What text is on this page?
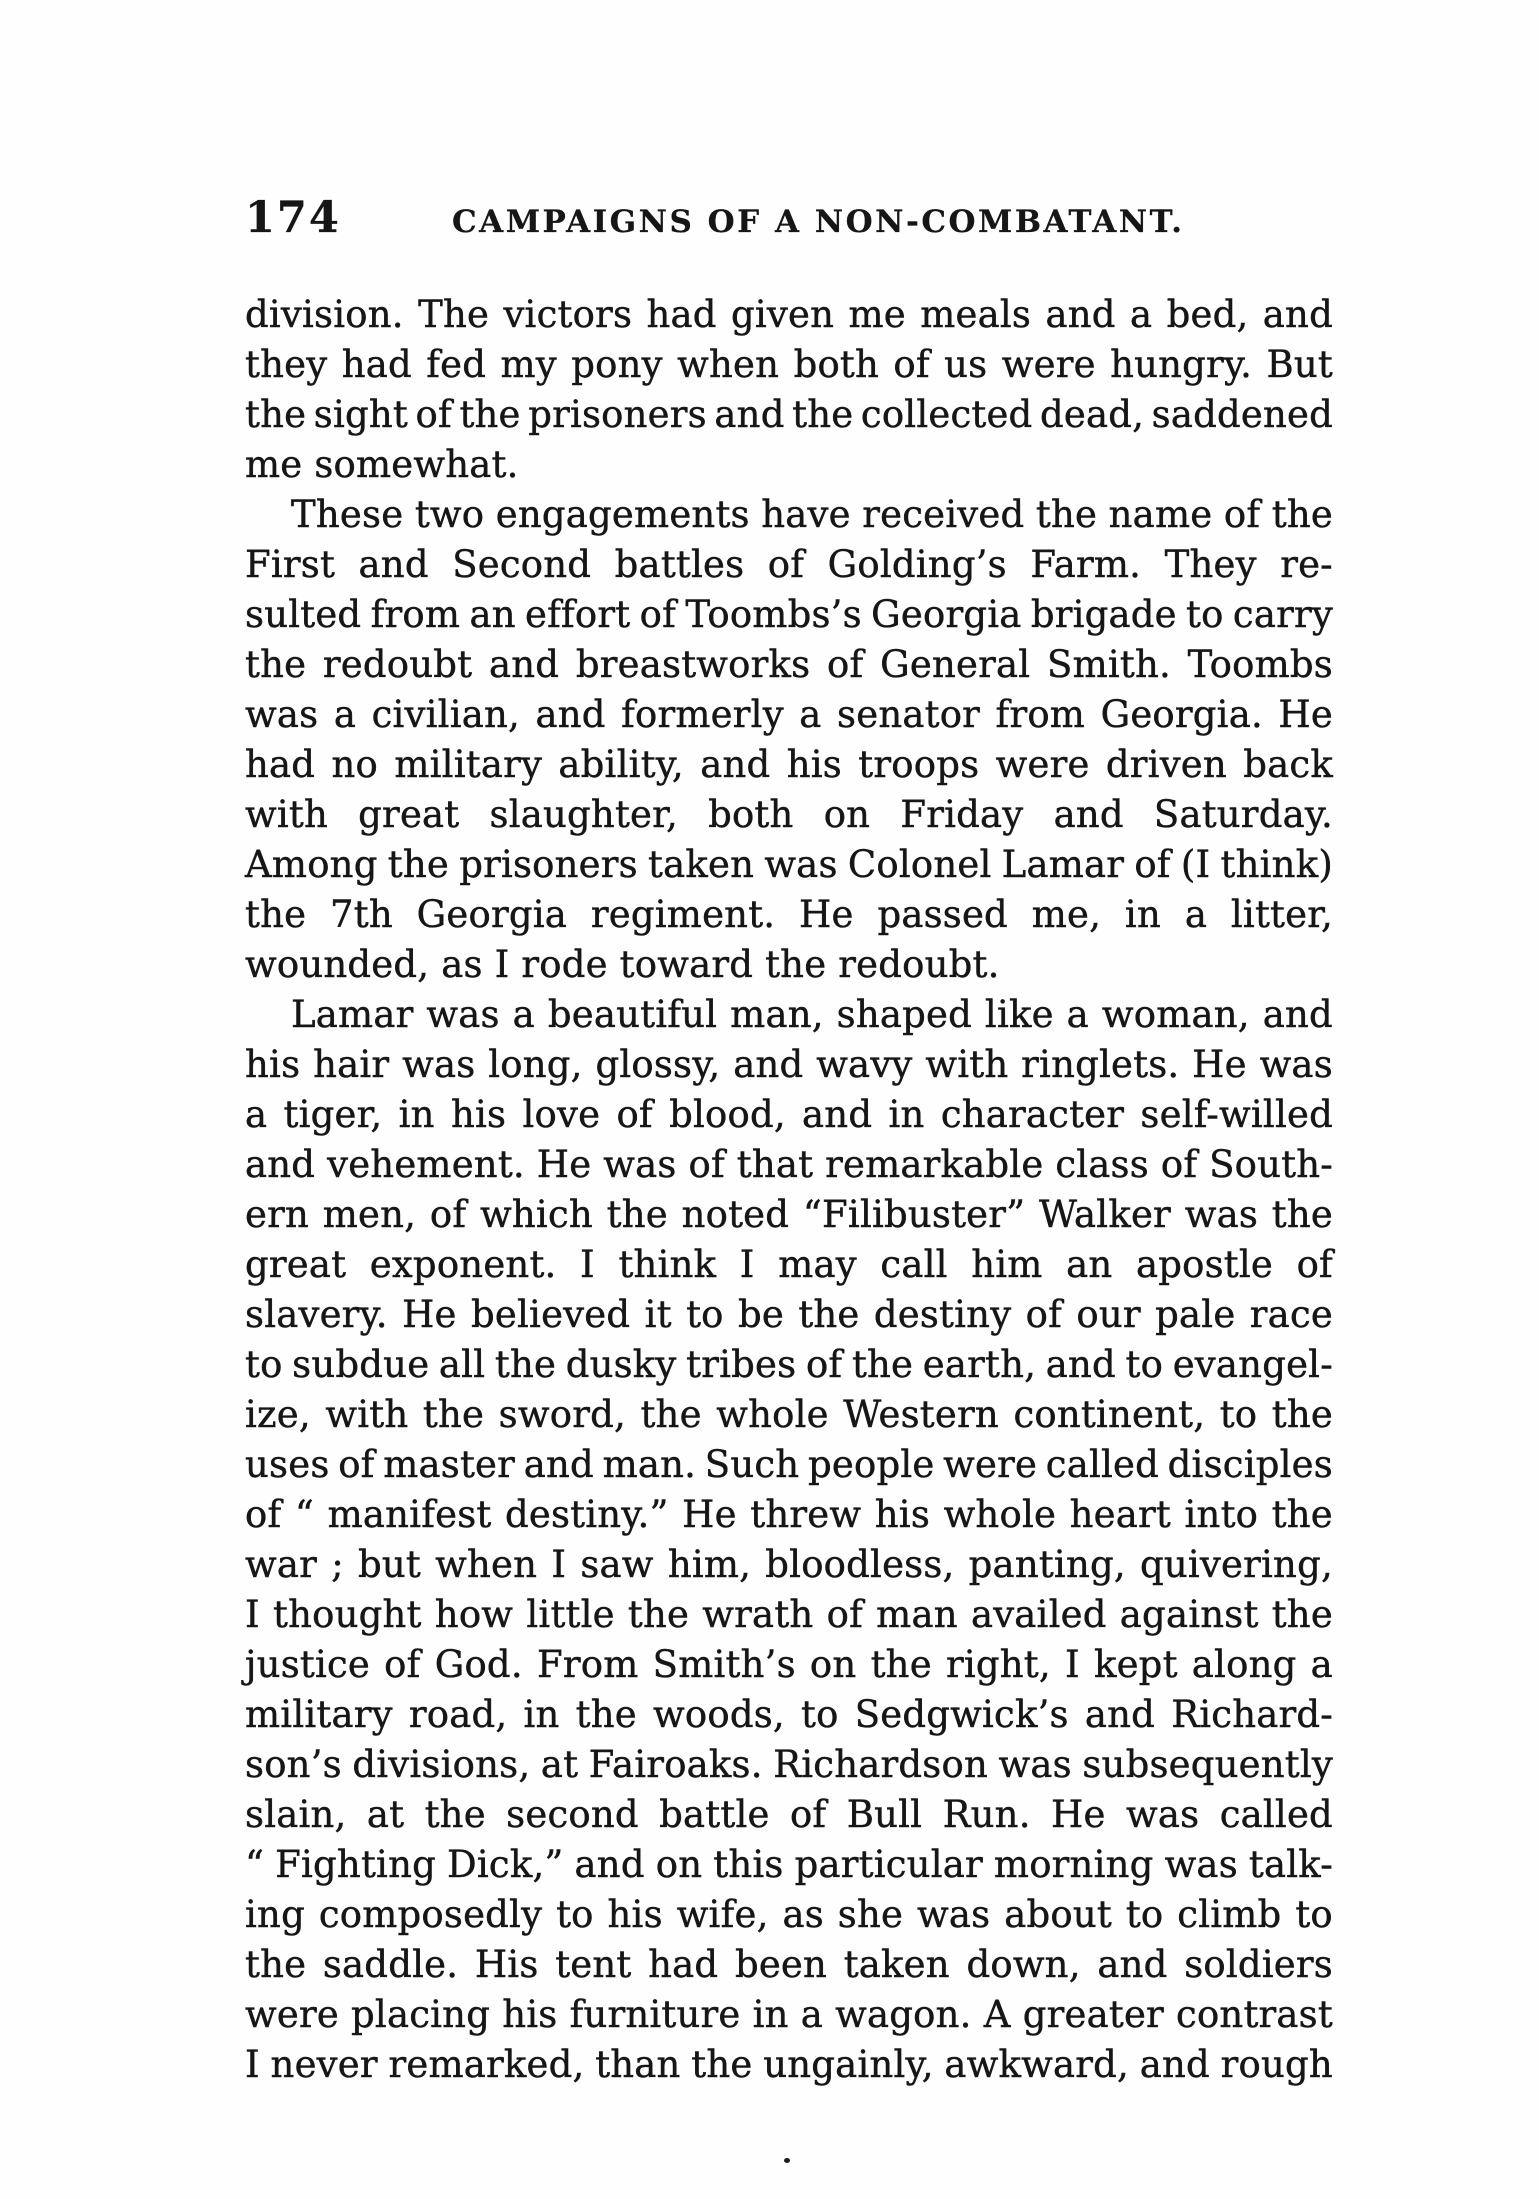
174	CAMPAIGNS OF A NON-COMBATANT.
division. The victors had given me meals and a bed, and
they had fed my pony when both of us were hungry. But
the sight of the prisoners and the collected dead, saddened
me somewhat.
These two engagements have received the name of the
First and Second battles of Golding’s Farm. They re-
sulted from an effort of Toombs’s Georgia brigade to carry
the redoubt and breastworks of General Smith. Toombs
was a civilian, and formerly a senator from Georgia. He
had no military ability, and his troops were driven back
with great slaughter, both on Friday and Saturday.
Among the prisoners taken was Colonel Lamar of (I think)
the 7th Georgia regiment. He passed me, in a litter,
wounded, as I rode toward the redoubt.
Lamar was a beautiful man, shaped like a woman, and
his hair was long, glossy, and wavy with ringlets. He was
a tiger, in his love of blood, and in character self-willed
and vehement. He was of that remarkable class of South-
ern men, of which the noted “Filibuster” Walker was the
great exponent. I think I may call him an apostle of
slavery. He believed it to be the destiny of our pale race
to subdue all the dusky tribes of the earth, and to evangel-
ize, with the sword, the whole Western continent, to the
uses of master and man. Such people were called disciples
of “ manifest destiny.” He threw his whole heart into the
war ; but when I saw him, bloodless, panting, quivering,
I thought how little the wrath of man availed against the
justice of God. From Smith’s on the right, I kept along a
military road, in the woods, to Sedgwick’s and Richard-
son’s divisions, at Fairoaks. Richardson was subsequently
slain, at the second battle of Bull Run. He was called
“ Fighting Dick,” and on this particular morning was talk-
ing composedly to his wife, as she was about to climb to
the saddle. His tent had been taken down, and soldiers
were placing his furniture in a wagon. A greater contrast
I never remarked, than the ungainly, awkward, and rough
